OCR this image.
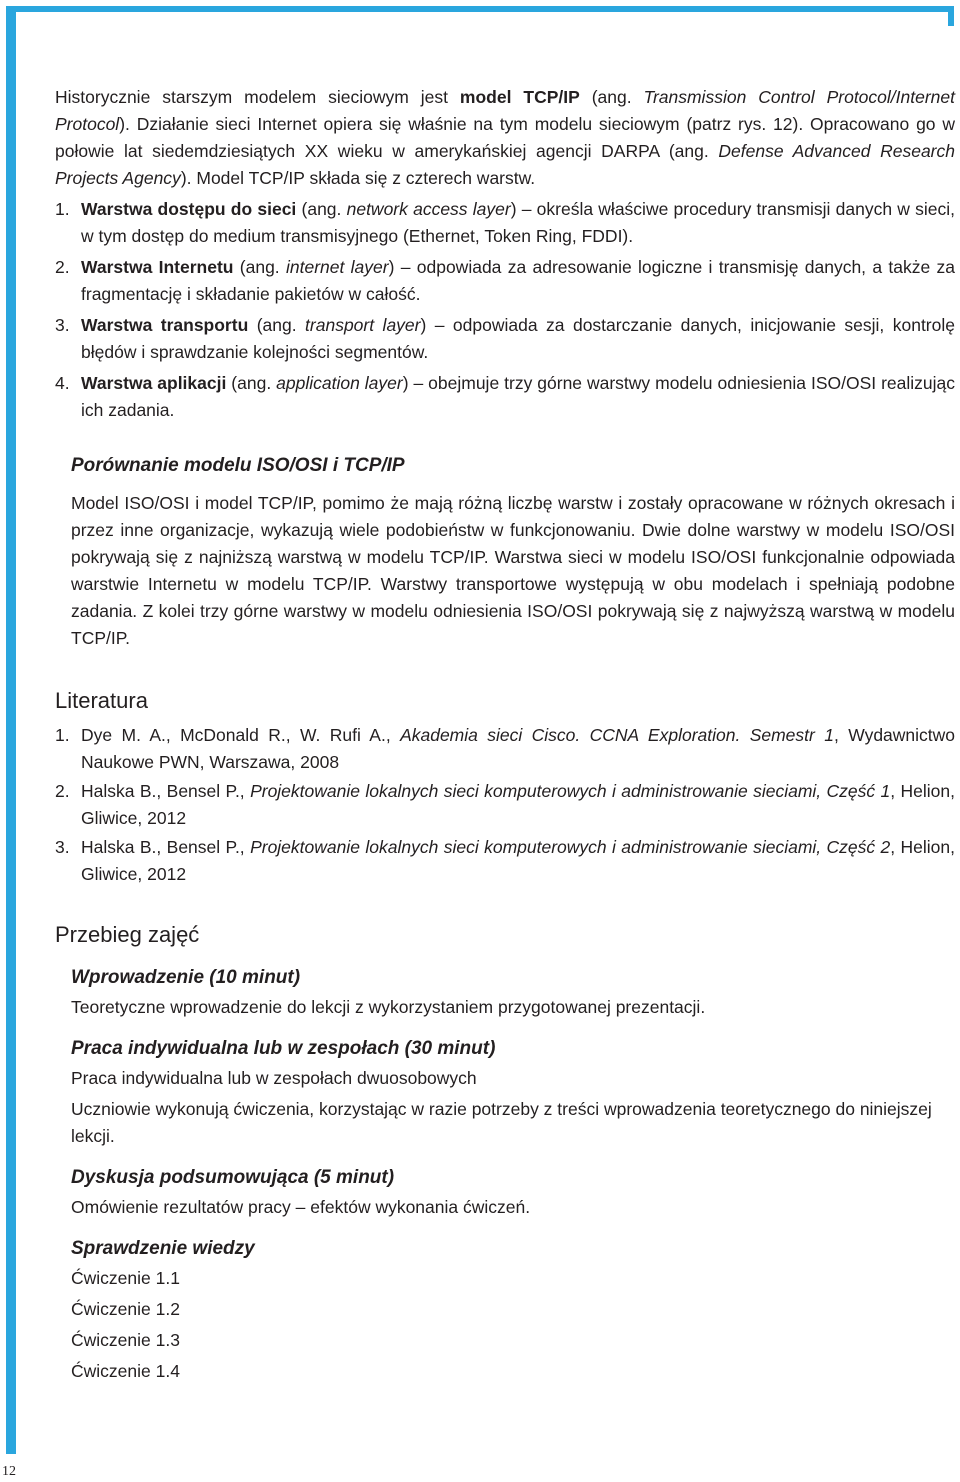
Historycznie starszym modelem sieciowym jest model TCP/IP (ang. Transmission Control Protocol/Internet Protocol). Działanie sieci Internet opiera się właśnie na tym modelu sieciowym (patrz rys. 12). Opracowano go w połowie lat siedemdziesiątych XX wieku w amerykańskiej agencji DARPA (ang. Defense Advanced Research Projects Agency). Model TCP/IP składa się z czterech warstw.

1. Warstwa dostępu do sieci (ang. network access layer) – określa właściwe procedury transmisji danych w sieci, w tym dostęp do medium transmisyjnego (Ethernet, Token Ring, FDDI).
2. Warstwa Internetu (ang. internet layer) – odpowiada za adresowanie logiczne i transmisję danych, a także za fragmentację i składanie pakietów w całość.
3. Warstwa transportu (ang. transport layer) – odpowiada za dostarczanie danych, inicjowanie sesji, kontrolę błędów i sprawdzanie kolejności segmentów.
4. Warstwa aplikacji (ang. application layer) – obejmuje trzy górne warstwy modelu odniesienia ISO/OSI realizując ich zadania.
Porównanie modelu ISO/OSI i TCP/IP

Model ISO/OSI i model TCP/IP, pomimo że mają różną liczbę warstw i zostały opracowane w różnych okresach i przez inne organizacje, wykazują wiele podobieństw w funkcjonowaniu. Dwie dolne warstwy w modelu ISO/OSI pokrywają się z najniższą warstwą w modelu TCP/IP. Warstwa sieci w modelu ISO/OSI funkcjonalnie odpowiada warstwie Internetu w modelu TCP/IP. Warstwy transportowe występują w obu modelach i spełniają podobne zadania. Z kolei trzy górne warstwy w modelu odniesienia ISO/OSI pokrywają się z najwyższą warstwą w modelu TCP/IP.

Literatura
1. Dye M. A., McDonald R., W. Rufi A., Akademia sieci Cisco. CCNA Exploration. Semestr 1, Wydawnictwo Naukowe PWN, Warszawa, 2008
2. Halska B., Bensel P., Projektowanie lokalnych sieci komputerowych i administrowanie sieciami, Część 1, Helion, Gliwice, 2012
3. Halska B., Bensel P., Projektowanie lokalnych sieci komputerowych i administrowanie sieciami, Część 2, Helion, Gliwice, 2012
Przebieg zajęć
Wprowadzenie (10 minut)

Teoretyczne wprowadzenie do lekcji z wykorzystaniem przygotowanej prezentacji.

Praca indywidualna lub w zespołach (30 minut)

Praca indywidualna lub w zespołach dwuosobowych

Uczniowie wykonują ćwiczenia, korzystając w razie potrzeby z treści wprowadzenia teoretycznego do niniejszej lekcji.

Dyskusja podsumowująca (5 minut)

Omówienie rezultatów pracy – efektów wykonania ćwiczeń.

Sprawdzenie wiedzy

Ćwiczenie 1.1

Ćwiczenie 1.2

Ćwiczenie 1.3

Ćwiczenie 1.4

12
